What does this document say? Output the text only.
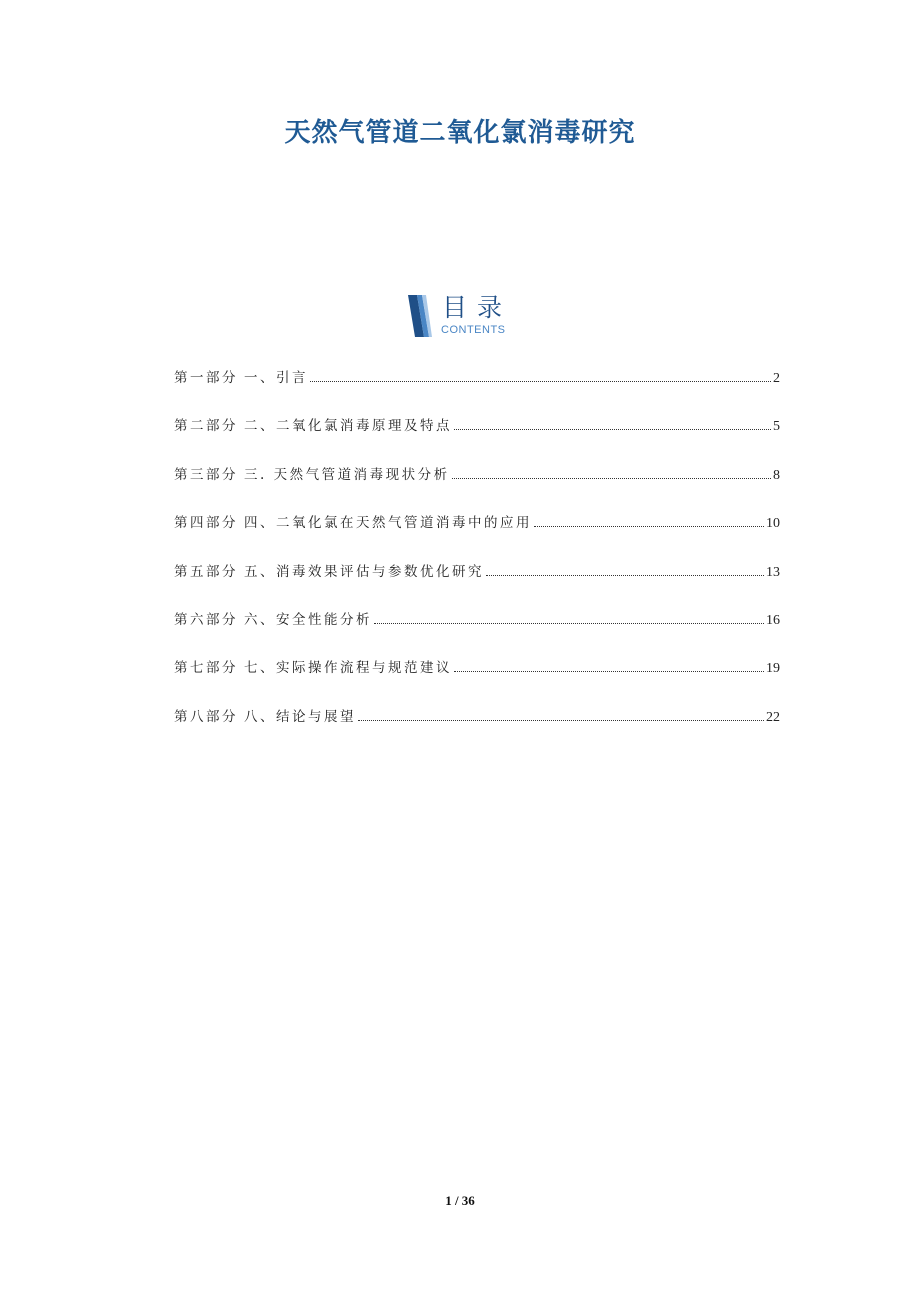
天然气管道二氧化氯消毒研究
目录
CONTENTS
第一部分 一、引言	2
第二部分 二、二氧化氯消毒原理及特点	5
第三部分 三. 天然气管道消毒现状分析	8
第四部分 四、二氧化氯在天然气管道消毒中的应用	10
第五部分 五、消毒效果评估与参数优化研究	13
第六部分 六、安全性能分析	16
第七部分 七、实际操作流程与规范建议	19
第八部分 八、结论与展望	22
1 / 36
